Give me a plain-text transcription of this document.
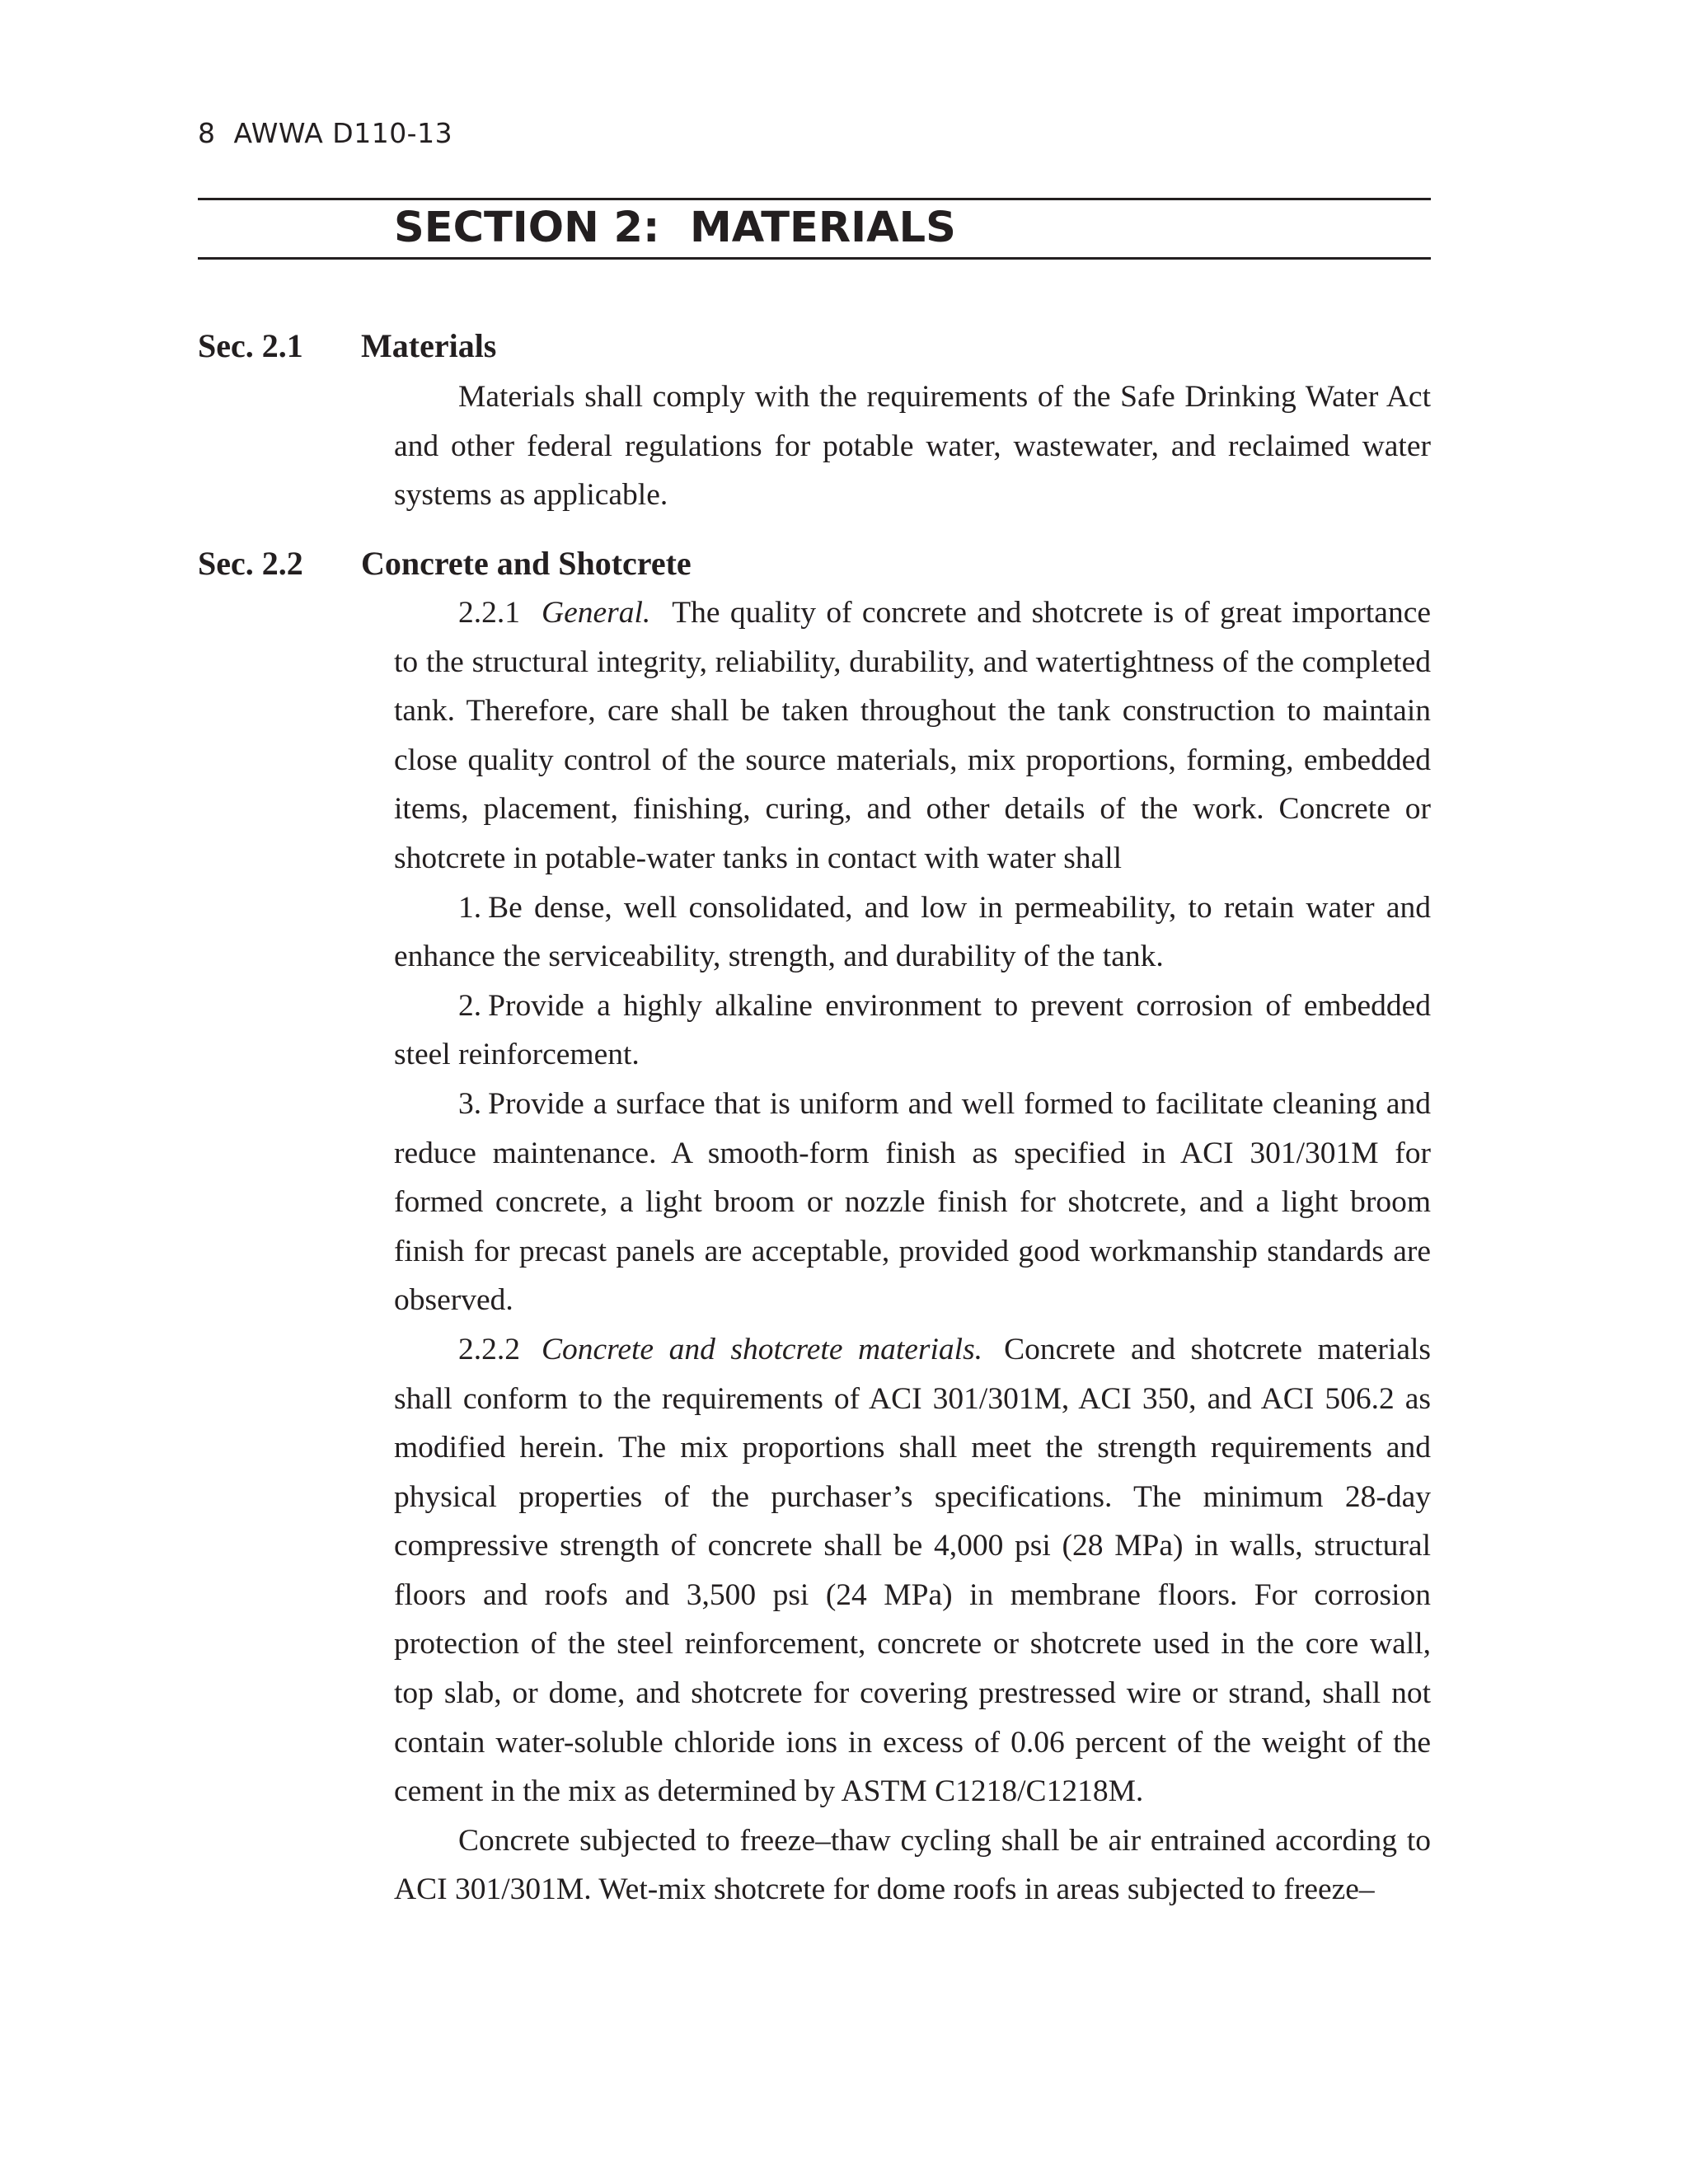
8 AWWA D110-13
SECTION 2: MATERIALS
Sec. 2.1 Materials

Materials shall comply with the requirements of the Safe Drinking Water Act and other federal regulations for potable water, wastewater, and reclaimed water systems as applicable.

Sec. 2.2 Concrete and Shotcrete

2.2.1 General. The quality of concrete and shotcrete is of great importance to the structural integrity, reliability, durability, and watertightness of the completed tank. Therefore, care shall be taken throughout the tank construction to maintain close quality control of the source materials, mix proportions, forming, embedded items, placement, finishing, curing, and other details of the work. Concrete or shotcrete in potable-water tanks in contact with water shall

1. Be dense, well consolidated, and low in permeability, to retain water and enhance the serviceability, strength, and durability of the tank.

2. Provide a highly alkaline environment to prevent corrosion of embedded steel reinforcement.

3. Provide a surface that is uniform and well formed to facilitate cleaning and reduce maintenance. A smooth-form finish as specified in ACI 301/301M for formed concrete, a light broom or nozzle finish for shotcrete, and a light broom finish for precast panels are acceptable, provided good workmanship standards are observed.

2.2.2 Concrete and shotcrete materials. Concrete and shotcrete materials shall conform to the requirements of ACI 301/301M, ACI 350, and ACI 506.2 as modified herein. The mix proportions shall meet the strength requirements and physical properties of the purchaser’s specifications. The minimum 28-day compressive strength of concrete shall be 4,000 psi (28 MPa) in walls, structural floors and roofs and 3,500 psi (24 MPa) in membrane floors. For corrosion protection of the steel reinforcement, concrete or shotcrete used in the core wall, top slab, or dome, and shotcrete for covering prestressed wire or strand, shall not contain water-soluble chloride ions in excess of 0.06 percent of the weight of the cement in the mix as determined by ASTM C1218/C1218M.

Concrete subjected to freeze–thaw cycling shall be air entrained according to ACI 301/301M. Wet-mix shotcrete for dome roofs in areas subjected to freeze–
